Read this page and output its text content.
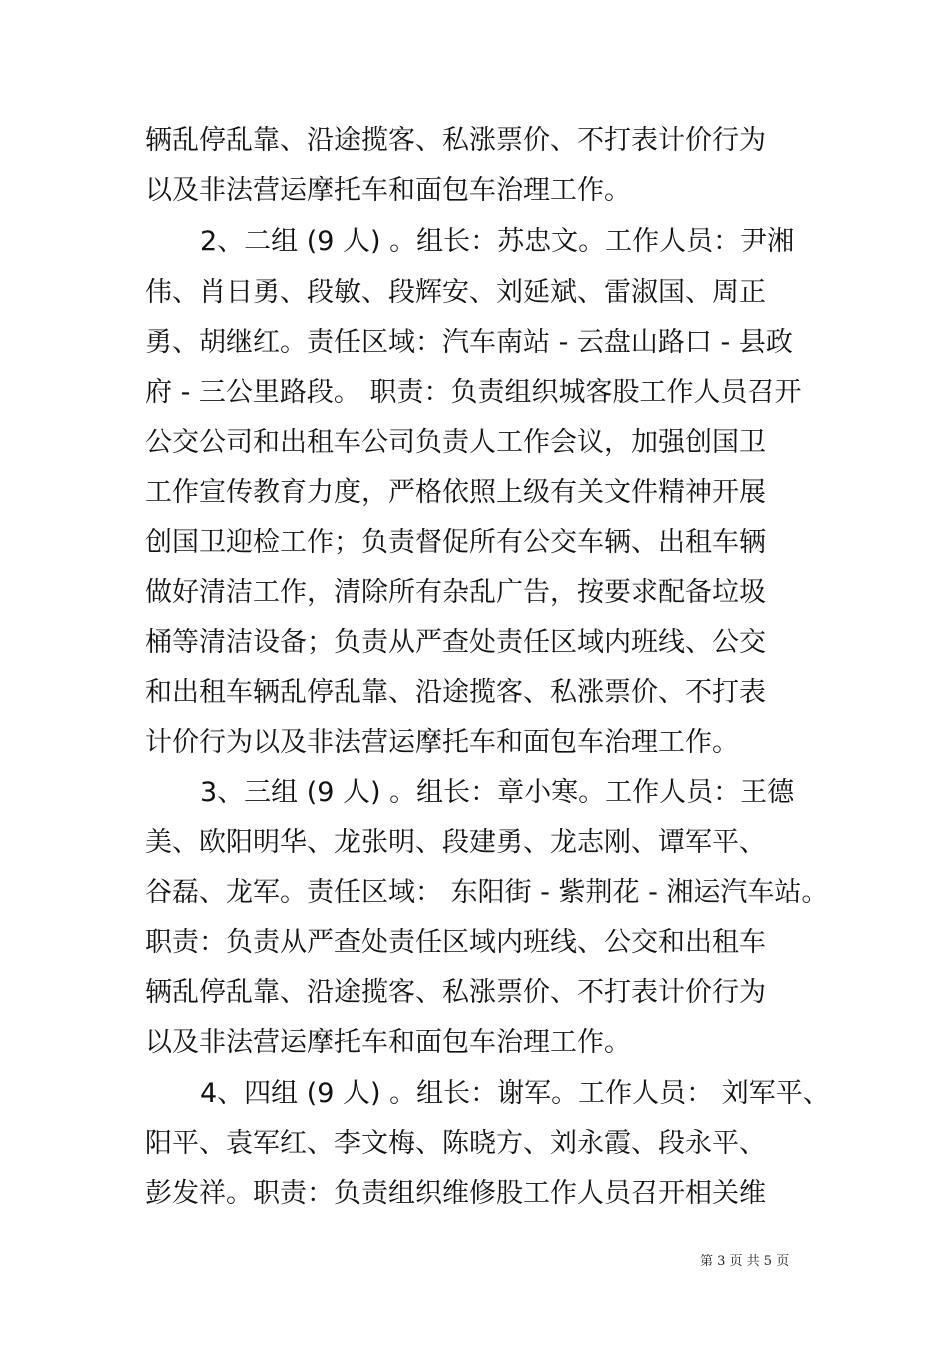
辆乱停乱靠、沿途揽客、私涨票价、不打表计价行为
以及非法营运摩托车和面包车治理工作。
2、二组 (9 人) 。组长：苏忠文。工作人员：尹湘
伟、肖日勇、段敏、段辉安、刘延斌、雷淑国、周正
勇、胡继红。责任区域：汽车南站 - 云盘山路口 - 县政
府 - 三公里路段。 职责：负责组织城客股工作人员召开
公交公司和出租车公司负责人工作会议，加强创国卫
工作宣传教育力度，严格依照上级有关文件精神开展
创国卫迎检工作；负责督促所有公交车辆、出租车辆
做好清洁工作，清除所有杂乱广告，按要求配备垃圾
桶等清洁设备；负责从严查处责任区域内班线、公交
和出租车辆乱停乱靠、沿途揽客、私涨票价、不打表
计价行为以及非法营运摩托车和面包车治理工作。
3、三组 (9 人) 。组长：章小寒。工作人员：王德
美、欧阳明华、龙张明、段建勇、龙志刚、谭军平、
谷磊、龙军。责任区域： 东阳街 - 紫荆花 - 湘运汽车站。
职责：负责从严查处责任区域内班线、公交和出租车
辆乱停乱靠、沿途揽客、私涨票价、不打表计价行为
以及非法营运摩托车和面包车治理工作。
4、四组 (9 人) 。组长：谢军。工作人员： 刘军平、
阳平、袁军红、李文梅、陈晓方、刘永霞、段永平、
彭发祥。职责：负责组织维修股工作人员召开相关维
第 3 页 共 5 页
